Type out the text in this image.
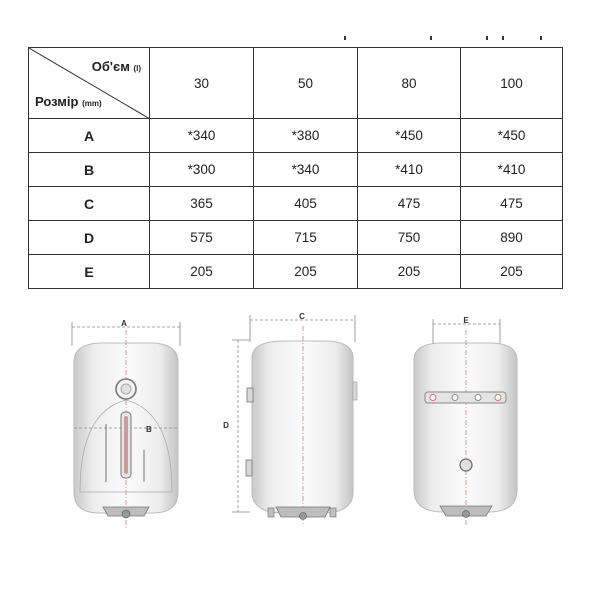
Об'єм (l)
Розмір (mm)	30	50	80	100
A	*340	*380	*450	*450
B	*300	*340	*410	*410
C	365	405	475	475
D	575	715	750	890
E	205	205	205	205
A
B
C
D
E
